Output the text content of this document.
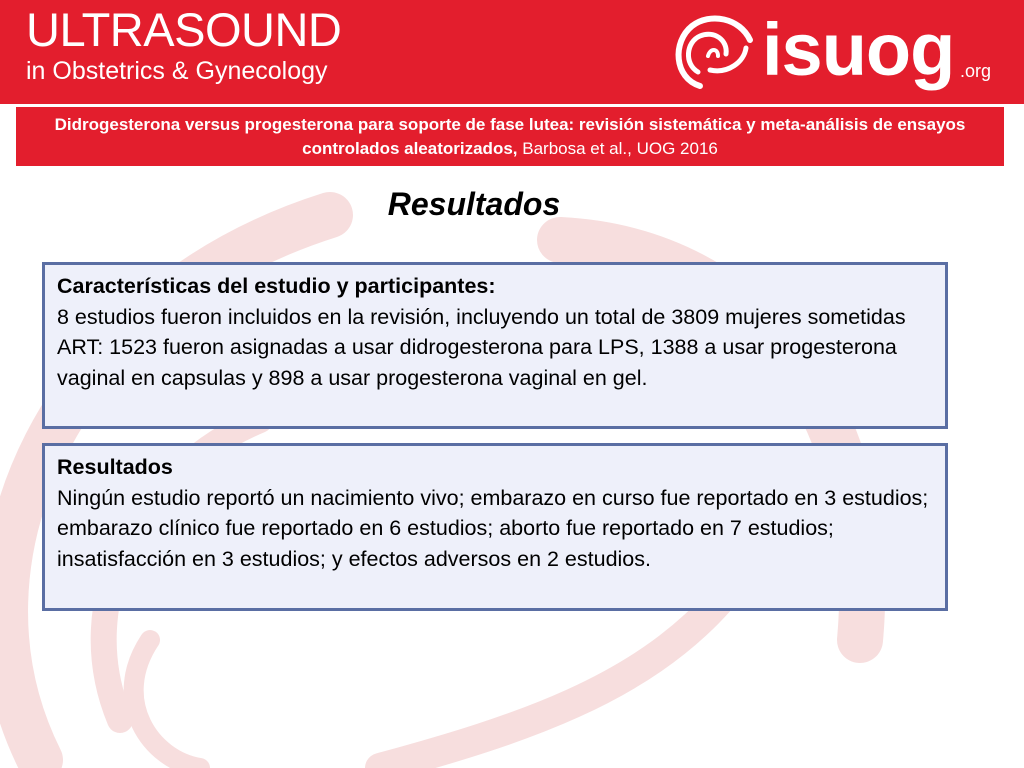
ULTRASOUND
in Obstetrics & Gynecology	isuog .org
Didrogesterona versus progesterona para soporte de fase lutea: revisión sistemática y meta-análisis de ensayos controlados aleatorizados, Barbosa et al., UOG 2016
Resultados
Características del estudio y participantes:

8 estudios fueron incluidos en la revisión, incluyendo un total de 3809 mujeres sometidas ART: 1523 fueron asignadas a usar didrogesterona para LPS, 1388 a usar progesterona vaginal en capsulas y 898 a usar progesterona vaginal en gel.

Resultados

Ningún estudio reportó un nacimiento vivo; embarazo en curso fue reportado en 3 estudios; embarazo clínico fue reportado en 6 estudios; aborto fue reportado en 7 estudios; insatisfacción en 3 estudios; y efectos adversos en 2 estudios.
